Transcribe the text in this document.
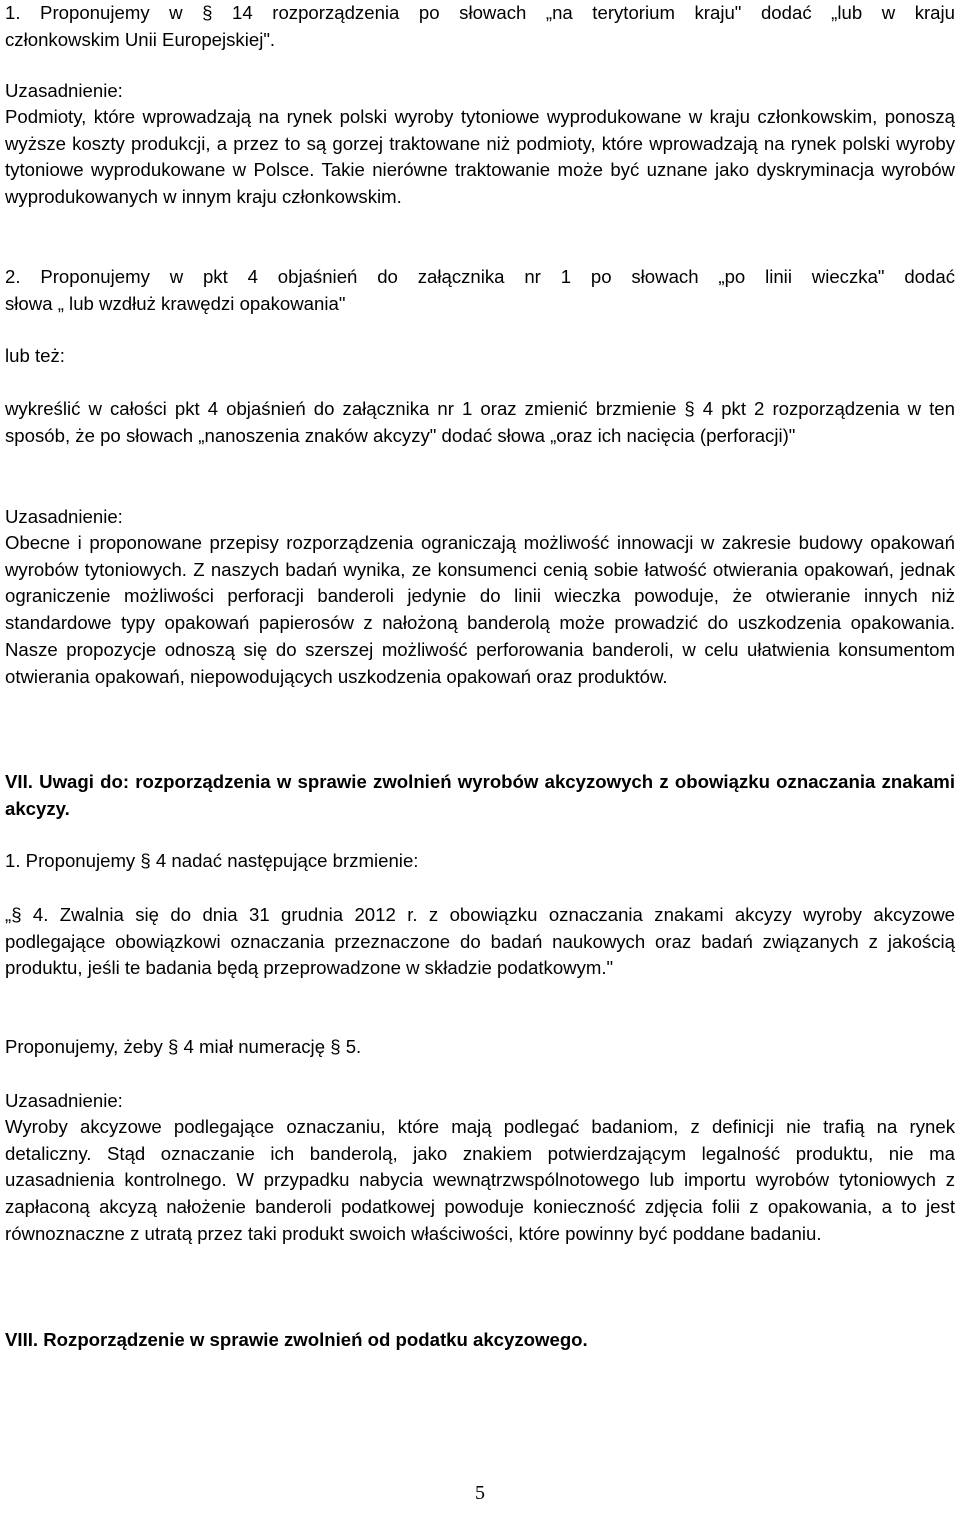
1. Proponujemy w § 14 rozporządzenia po słowach „na terytorium kraju" dodać „lub w kraju
członkowskim Unii Europejskiej".
Uzasadnienie:
Podmioty, które wprowadzają na rynek polski wyroby tytoniowe wyprodukowane w kraju członkowskim, ponoszą wyższe koszty produkcji, a przez to są gorzej traktowane niż podmioty, które wprowadzają na rynek polski wyroby tytoniowe wyprodukowane w Polsce. Takie nierówne traktowanie może być uznane jako dyskryminacja wyrobów wyprodukowanych w innym kraju członkowskim.
2. Proponujemy w pkt 4 objaśnień do załącznika nr 1 po słowach „po linii wieczka" dodać
słowa „ lub wzdłuż krawędzi opakowania"
lub też:
wykreślić w całości pkt 4 objaśnień do załącznika nr 1 oraz zmienić brzmienie § 4 pkt 2 rozporządzenia w ten sposób, że po słowach „nanoszenia znaków akcyzy" dodać słowa „oraz ich nacięcia (perforacji)"
Uzasadnienie:
Obecne i proponowane przepisy rozporządzenia ograniczają możliwość innowacji w zakresie budowy opakowań wyrobów tytoniowych. Z naszych badań wynika, ze konsumenci cenią sobie łatwość otwierania opakowań, jednak ograniczenie możliwości perforacji banderoli jedynie do linii wieczka powoduje, że otwieranie innych niż standardowe typy opakowań papierosów z nałożoną banderolą może prowadzić do uszkodzenia opakowania. Nasze propozycje odnoszą się do szerszej możliwość perforowania banderoli, w celu ułatwienia konsumentom otwierania opakowań, niepowodujących uszkodzenia opakowań oraz produktów.
VII. Uwagi do: rozporządzenia w sprawie zwolnień wyrobów akcyzowych z obowiązku oznaczania znakami akcyzy.
1. Proponujemy § 4 nadać następujące brzmienie:
„§ 4. Zwalnia się do dnia 31 grudnia 2012 r. z obowiązku oznaczania znakami akcyzy wyroby akcyzowe podlegające obowiązkowi oznaczania przeznaczone do badań naukowych oraz badań związanych z jakością produktu, jeśli te badania będą przeprowadzone w składzie podatkowym."
Proponujemy, żeby § 4 miał numerację § 5.
Uzasadnienie:
Wyroby akcyzowe podlegające oznaczaniu, które mają podlegać badaniom, z definicji nie trafią na rynek detaliczny. Stąd oznaczanie ich banderolą, jako znakiem potwierdzającym legalność produktu, nie ma uzasadnienia kontrolnego. W przypadku nabycia wewnątrzwspólnotowego lub importu wyrobów tytoniowych z zapłaconą akcyzą nałożenie banderoli podatkowej powoduje konieczność zdjęcia folii z opakowania, a to jest równoznaczne z utratą przez taki produkt swoich właściwości, które powinny być poddane badaniu.
VIII. Rozporządzenie w sprawie zwolnień od podatku akcyzowego.
5
